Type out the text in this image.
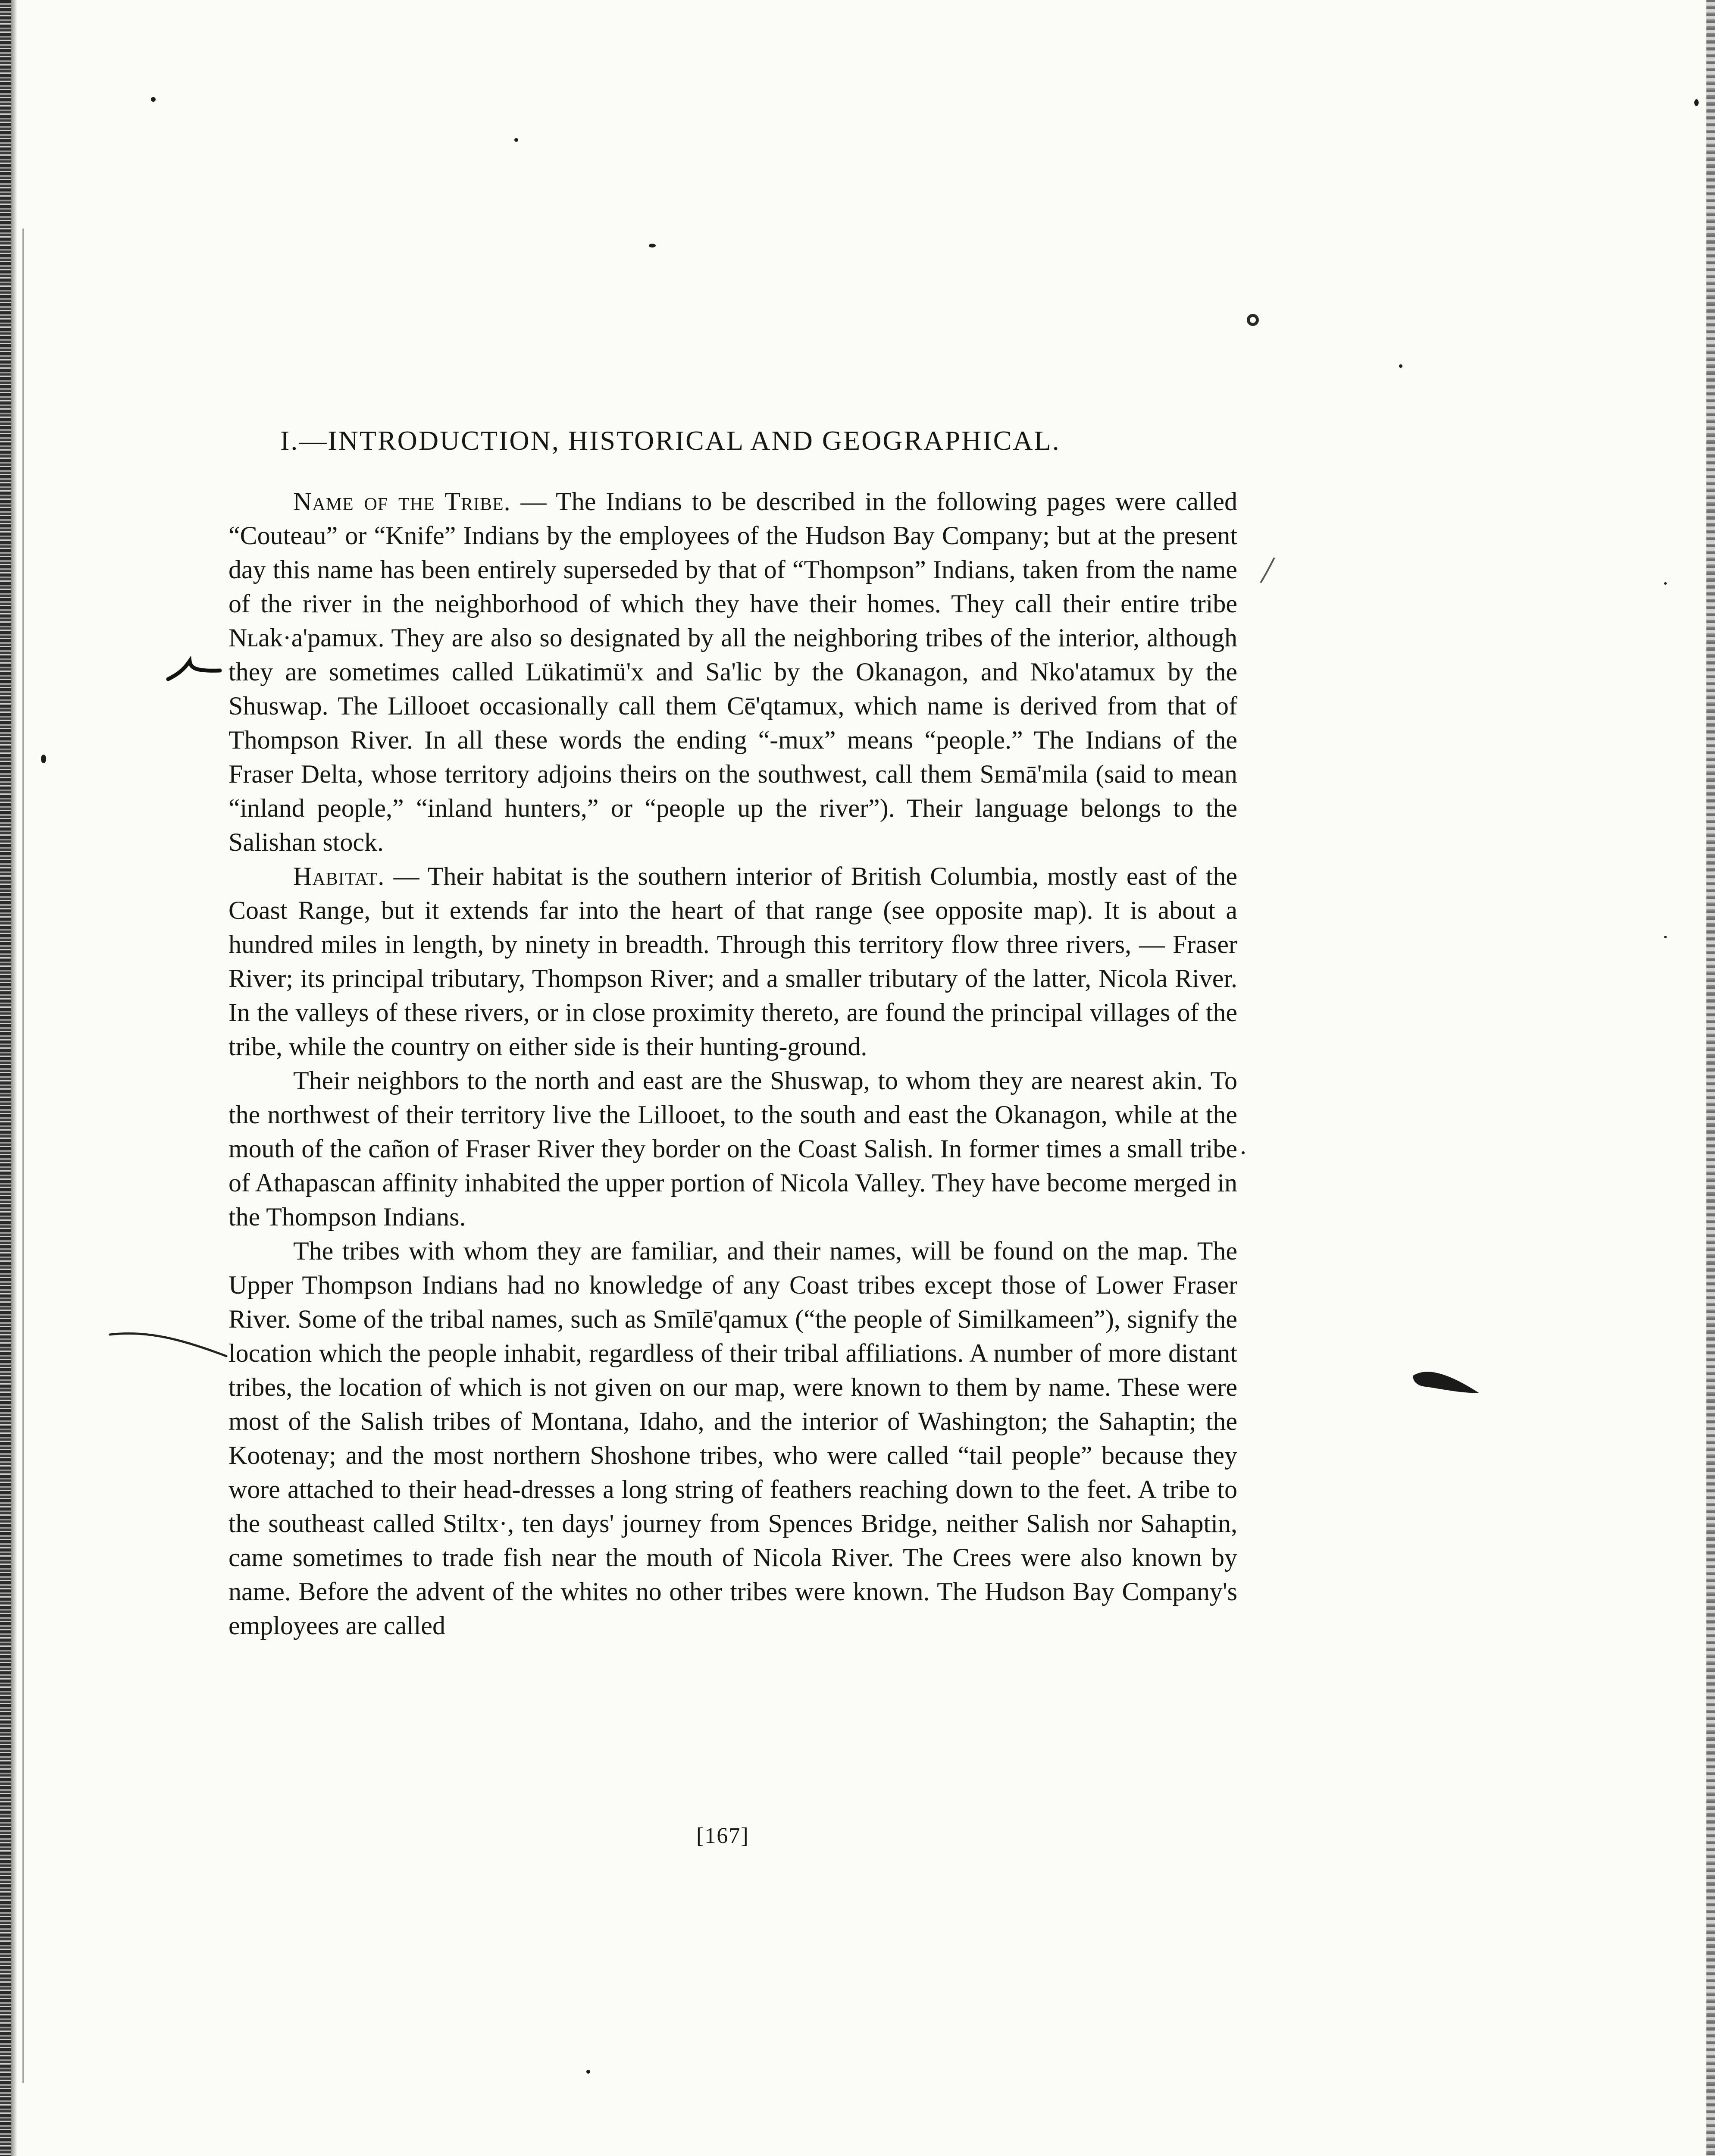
I.—INTRODUCTION, HISTORICAL AND GEOGRAPHICAL.

Name of the Tribe. — The Indians to be described in the following pages were called “Couteau” or “Knife” Indians by the employees of the Hudson Bay Company; but at the present day this name has been entirely superseded by that of “Thompson” Indians, taken from the name of the river in the neighborhood of which they have their homes. They call their entire tribe Nʟak·a'pamux. They are also so designated by all the neighboring tribes of the interior, although they are sometimes called Lükatimü'x and Sa'lic by the Okanagon, and Nko'atamux by the Shuswap. The Lillooet occasionally call them Cē'qtamux, which name is derived from that of Thompson River. In all these words the ending “-mux” means “people.” The Indians of the Fraser Delta, whose territory adjoins theirs on the southwest, call them Sᴇmā'mila (said to mean “inland people,” “inland hunters,” or “people up the river”). Their language belongs to the Salishan stock.

Habitat. — Their habitat is the southern interior of British Columbia, mostly east of the Coast Range, but it extends far into the heart of that range (see opposite map). It is about a hundred miles in length, by ninety in breadth. Through this territory flow three rivers, — Fraser River; its principal tributary, Thompson River; and a smaller tributary of the latter, Nicola River. In the valleys of these rivers, or in close proximity thereto, are found the principal villages of the tribe, while the country on either side is their hunting-ground.

Their neighbors to the north and east are the Shuswap, to whom they are nearest akin. To the northwest of their territory live the Lillooet, to the south and east the Okanagon, while at the mouth of the cañon of Fraser River they border on the Coast Salish. In former times a small tribe of Athapascan affinity inhabited the upper portion of Nicola Valley. They have become merged in the Thompson Indians.

The tribes with whom they are familiar, and their names, will be found on the map. The Upper Thompson Indians had no knowledge of any Coast tribes except those of Lower Fraser River. Some of the tribal names, such as Smīlē'qamux (“the people of Similkameen”), signify the location which the people inhabit, regardless of their tribal affiliations. A number of more distant tribes, the location of which is not given on our map, were known to them by name. These were most of the Salish tribes of Montana, Idaho, and the interior of Washington; the Sahaptin; the Kootenay; and the most northern Shoshone tribes, who were called “tail people” because they wore attached to their head-dresses a long string of feathers reaching down to the feet. A tribe to the southeast called Stiltx·, ten days' journey from Spences Bridge, neither Salish nor Sahaptin, came sometimes to trade fish near the mouth of Nicola River. The Crees were also known by name. Before the advent of the whites no other tribes were known. The Hudson Bay Company's employees are called

[167]
